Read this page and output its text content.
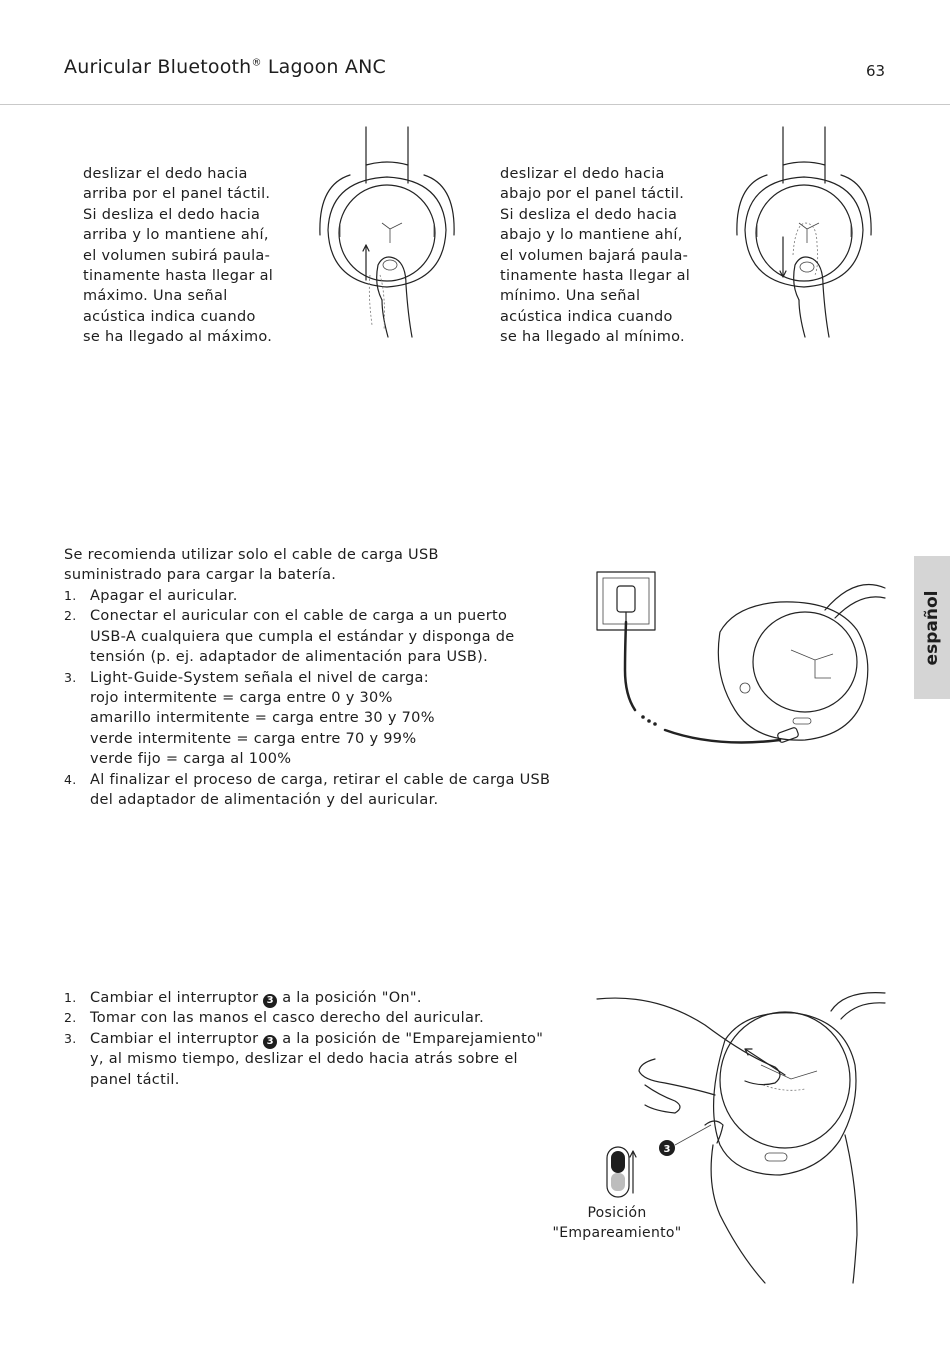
Auricular Bluetooth® Lagoon ANC	63
español
deslizar el dedo hacia
arriba por el panel táctil.
Si desliza el dedo hacia
arriba y lo mantiene ahí,
el volumen subirá paula-
tinamente hasta llegar al
máximo. Una señal
acústica indica cuando
se ha llegado al máximo.
deslizar el dedo hacia
abajo por el panel táctil.
Si desliza el dedo hacia
abajo y lo mantiene ahí,
el volumen bajará paula-
tinamente hasta llegar al
mínimo. Una señal
acústica indica cuando
se ha llegado al mínimo.
Se recomienda utilizar solo el cable de carga USB
suministrado para cargar la batería.
1. Apagar el auricular.
2. Conectar el auricular con el cable de carga a un puerto
USB-A cualquiera que cumpla el estándar y disponga de
tensión (p. ej. adaptador de alimentación para USB).
3. Light-Guide-System señala el nivel de carga:
rojo intermitente = carga entre 0 y 30%
amarillo intermitente = carga entre 30 y 70%
verde intermitente = carga entre 70 y 99%
verde fijo = carga al 100%
4. Al finalizar el proceso de carga, retirar el cable de carga USB
del adaptador de alimentación y del auricular.
1. Cambiar el interruptor 3 a la posición "On".
2. Tomar con las manos el casco derecho del auricular.
3. Cambiar el interruptor 3 a la posición de "Emparejamiento"
y, al mismo tiempo, deslizar el dedo hacia atrás sobre el
panel táctil.
3
Posición
"Empareamiento"
